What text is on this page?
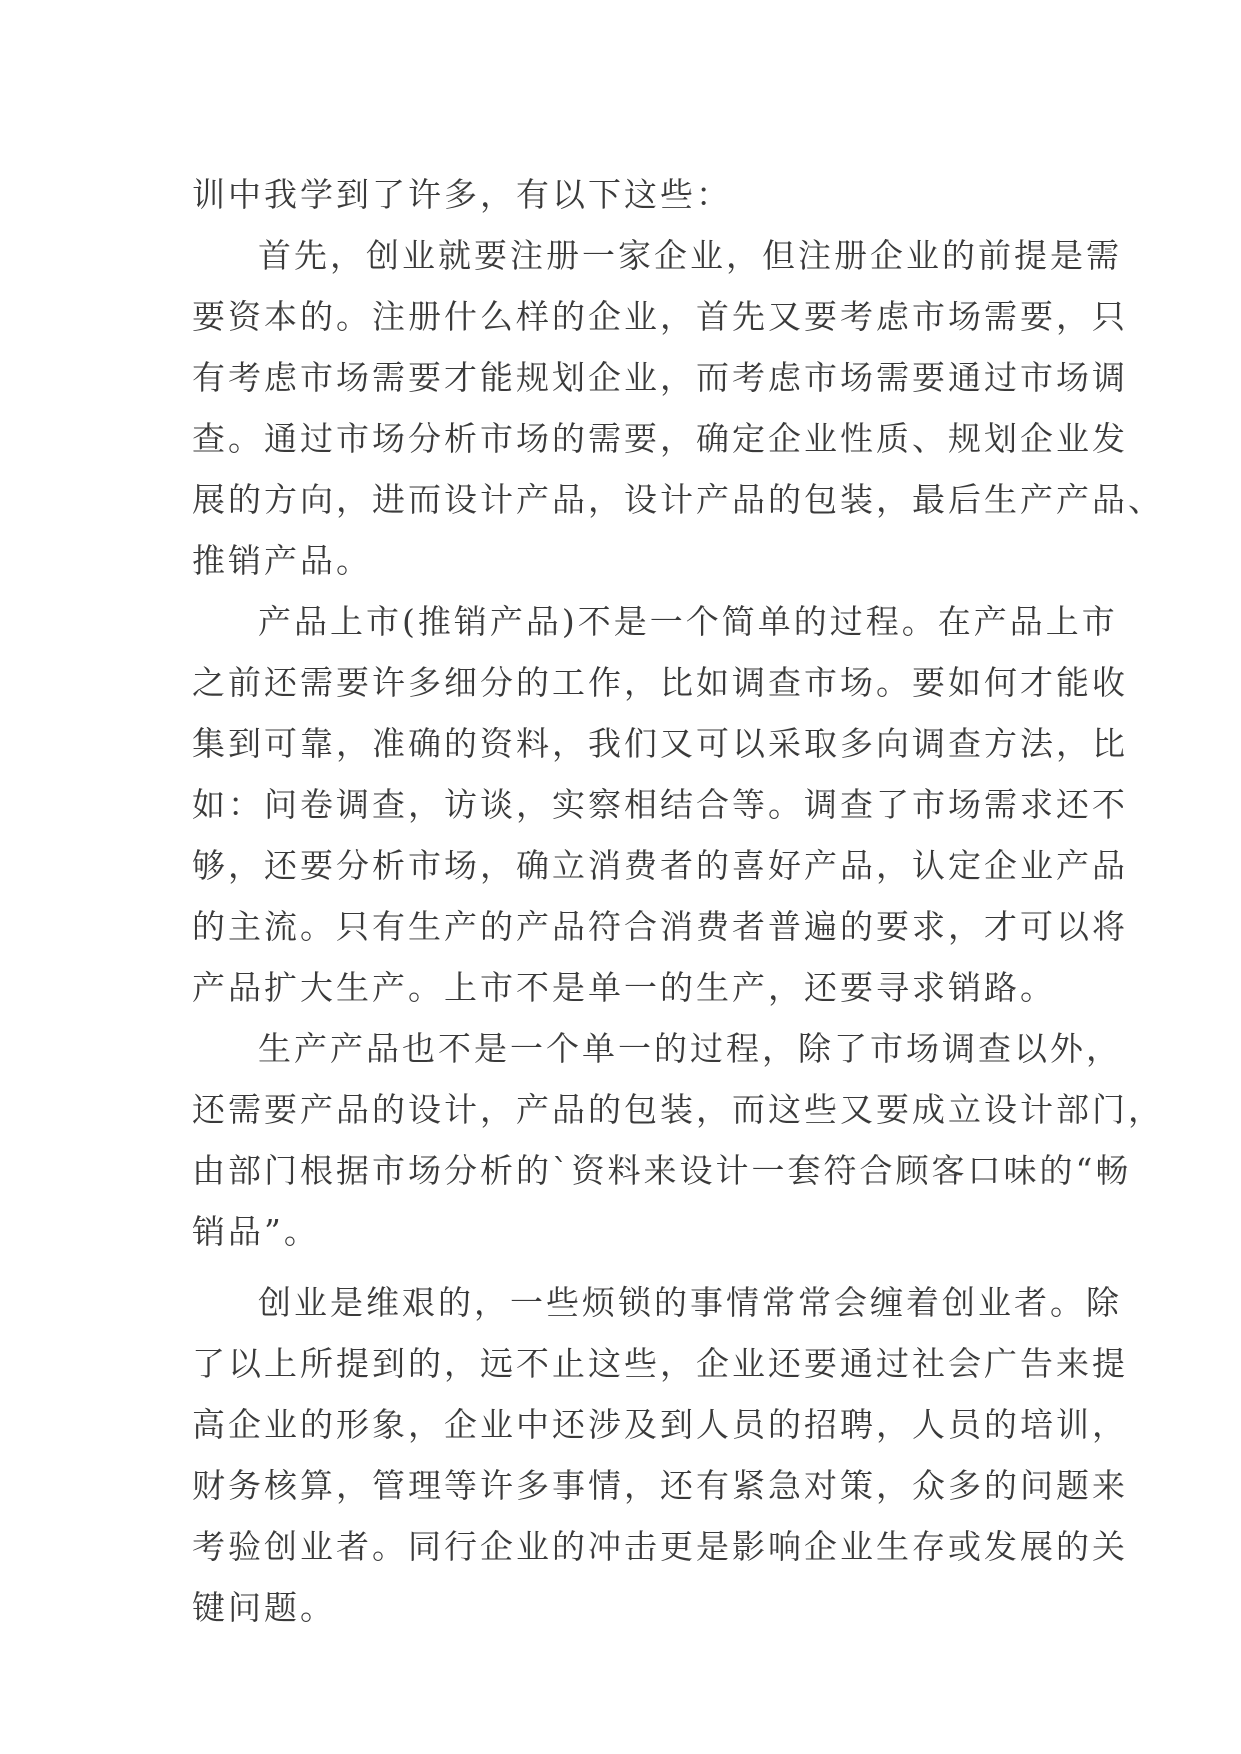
训中我学到了许多，有以下这些：
首先，创业就要注册一家企业，但注册企业的前提是需
要资本的。注册什么样的企业，首先又要考虑市场需要，只
有考虑市场需要才能规划企业，而考虑市场需要通过市场调
查。通过市场分析市场的需要，确定企业性质、规划企业发
展的方向，进而设计产品，设计产品的包装，最后生产产品、
推销产品。
产品上市(推销产品)不是一个简单的过程。在产品上市
之前还需要许多细分的工作，比如调查市场。要如何才能收
集到可靠，准确的资料，我们又可以采取多向调查方法，比
如：问卷调查，访谈，实察相结合等。调查了市场需求还不
够，还要分析市场，确立消费者的喜好产品，认定企业产品
的主流。只有生产的产品符合消费者普遍的要求，才可以将
产品扩大生产。上市不是单一的生产，还要寻求销路。
生产产品也不是一个单一的过程，除了市场调查以外，
还需要产品的设计，产品的包装，而这些又要成立设计部门，
由部门根据市场分析的`资料来设计一套符合顾客口味的“畅
销品”。
创业是维艰的，一些烦锁的事情常常会缠着创业者。除
了以上所提到的，远不止这些，企业还要通过社会广告来提
高企业的形象，企业中还涉及到人员的招聘，人员的培训，
财务核算，管理等许多事情，还有紧急对策，众多的问题来
考验创业者。同行企业的冲击更是影响企业生存或发展的关
键问题。
